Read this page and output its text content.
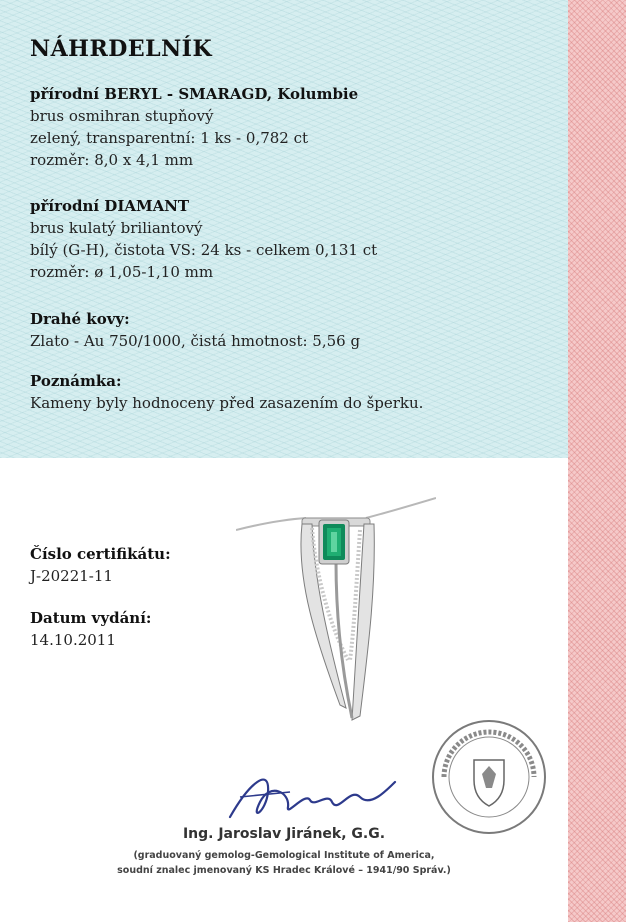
NÁHRDELNÍK
přírodní BERYL - SMARAGD, Kolumbie
brus osmihran stupňový
zelený, transparentní: 1 ks - 0,782 ct
rozměr: 8,0 x 4,1 mm
přírodní DIAMANT
brus kulatý briliantový
bílý (G-H), čistota VS: 24 ks - celkem 0,131 ct
rozměr: ø 1,05-1,10 mm
Drahé kovy:
Zlato - Au 750/1000, čistá hmotnost: 5,56 g
Poznámka:
Kameny byly hodnoceny před zasazením do šperku.
Číslo certifikátu:
J-20221-11
Datum vydání:
14.10.2011
Ing. Jaroslav Jiránek, G.G.
(graduovaný gemolog-Gemological Institute of America,
soudní znalec jmenovaný KS Hradec Králové – 1941/90 Správ.)
